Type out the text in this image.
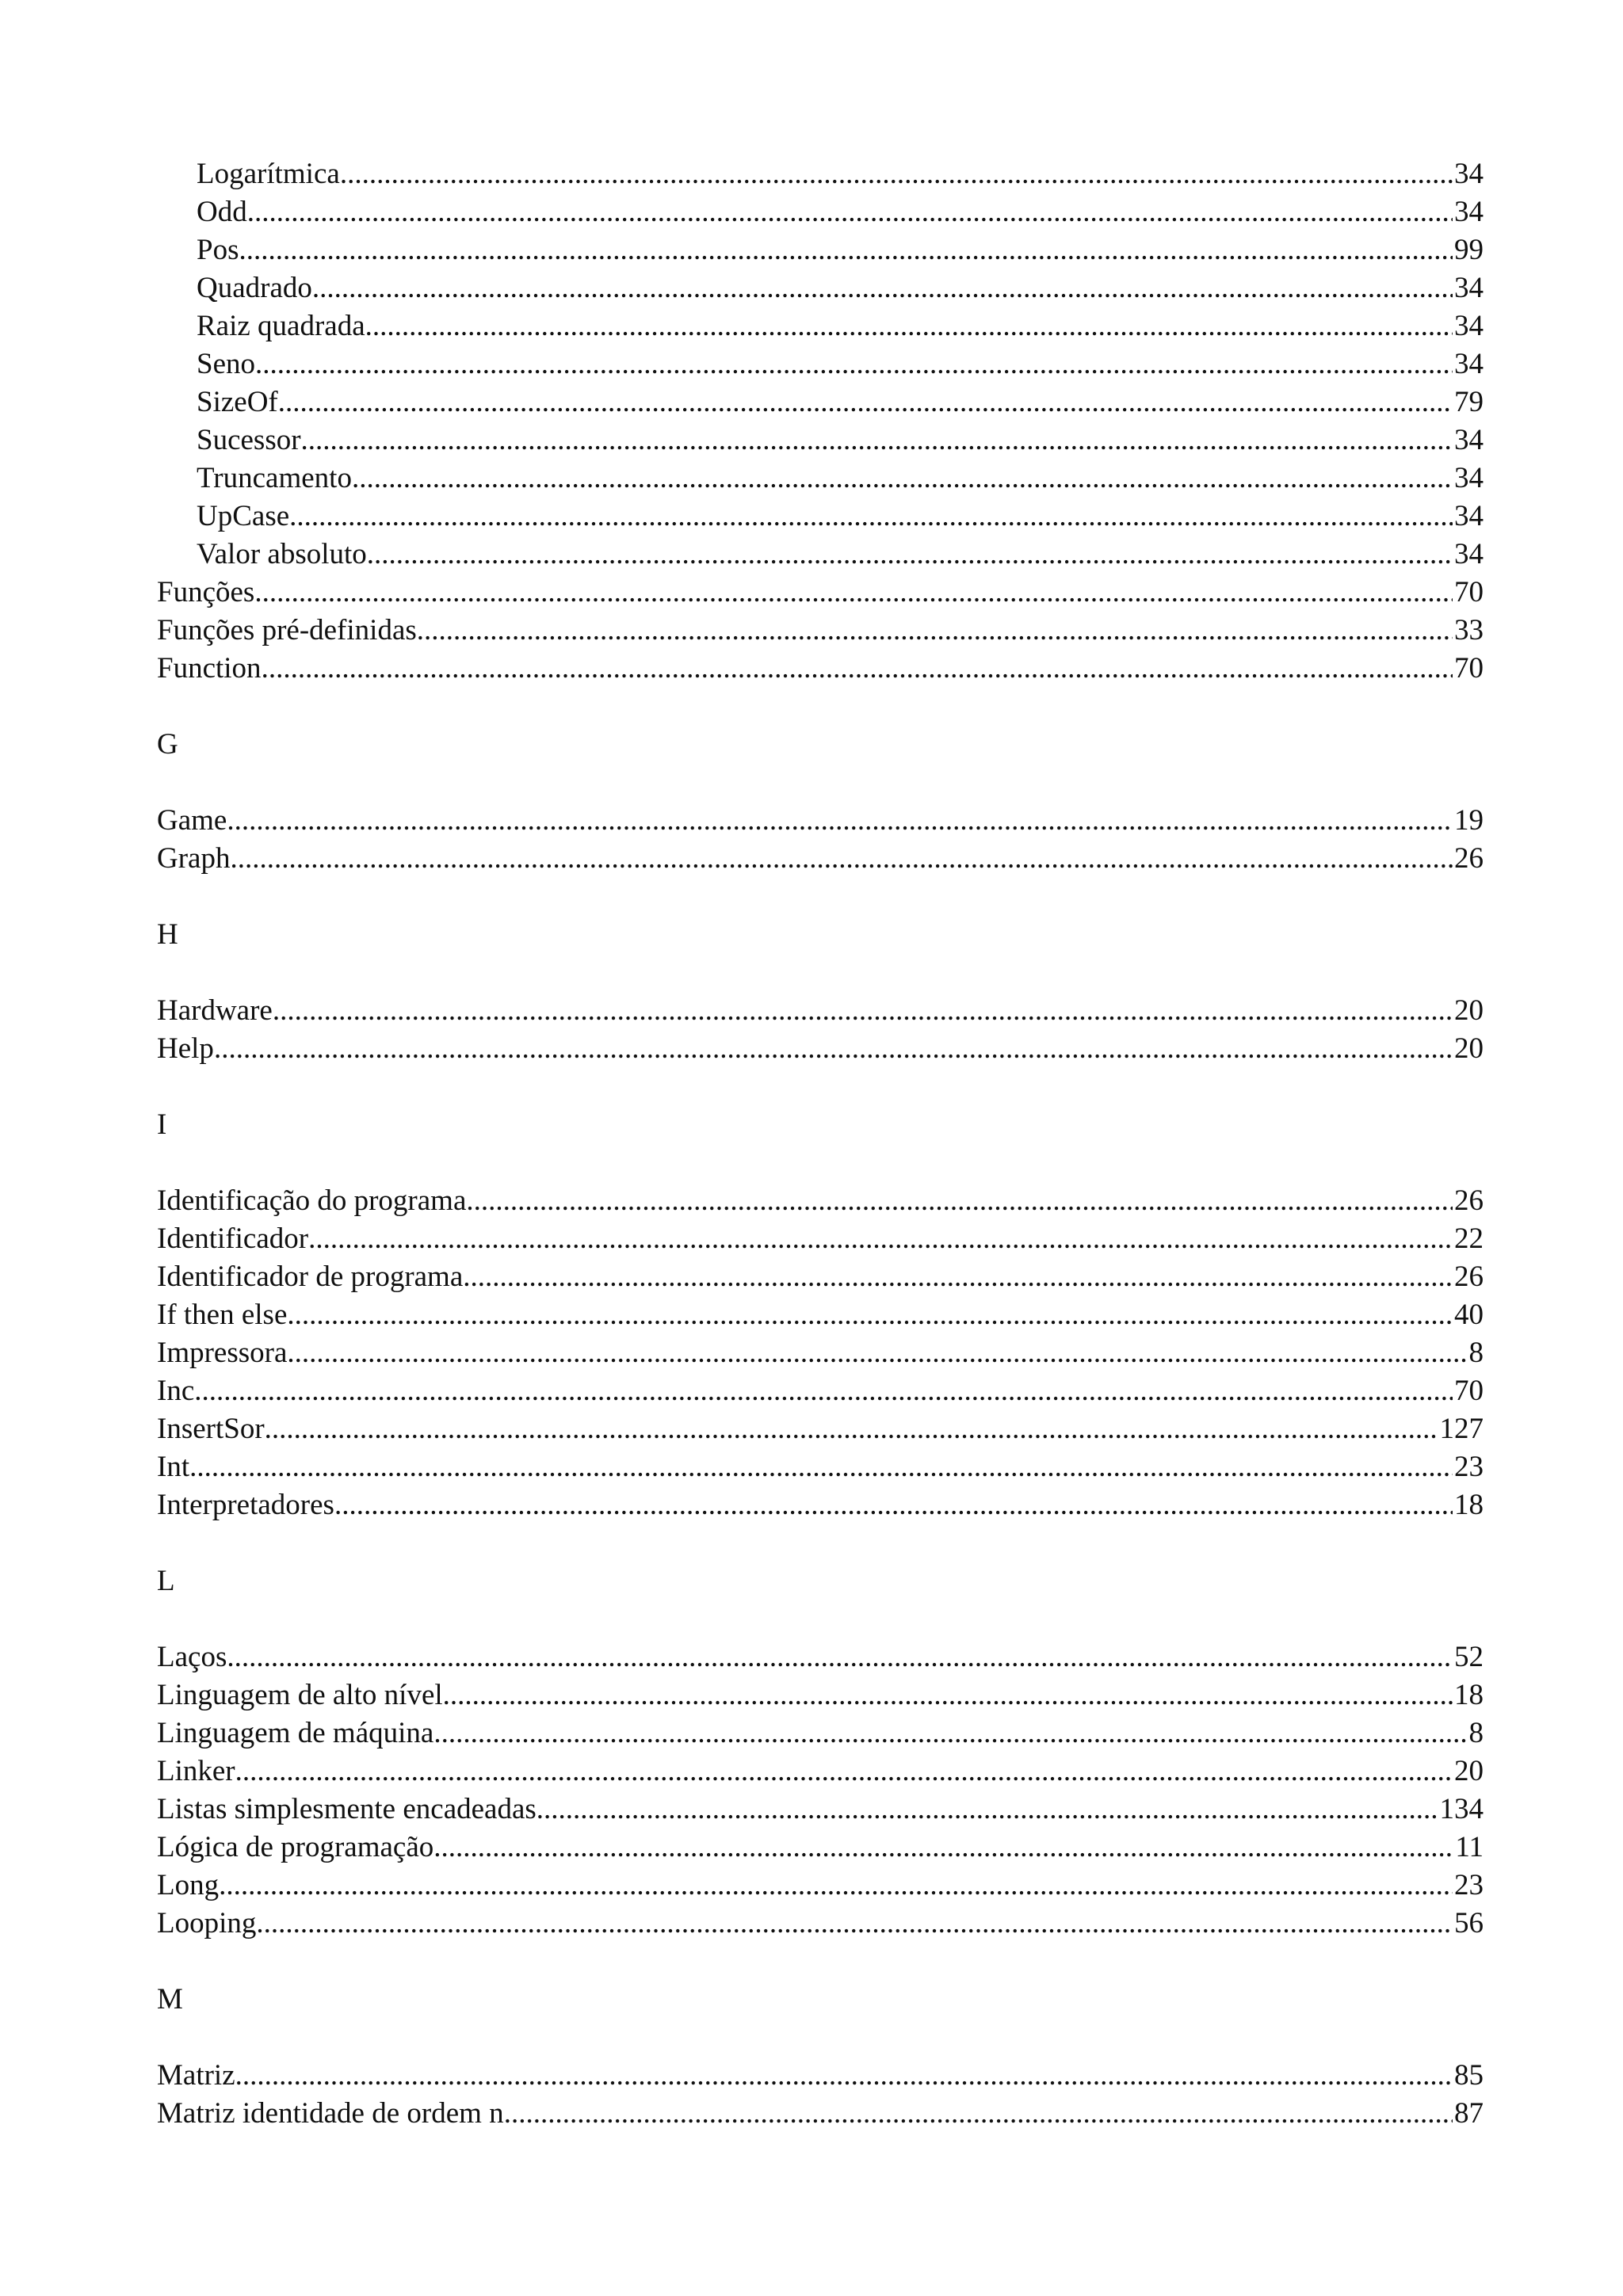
Logarítmica .....	34
Odd .....	34
Pos .....	99
Quadrado .....	34
Raiz quadrada .....	34
Seno .....	34
SizeOf .....	79
Sucessor .....	34
Truncamento .....	34
UpCase .....	34
Valor absoluto .....	34
Funções .....	70
Funções pré-definidas .....	33
Function .....	70
G
Game .....	19
Graph .....	26
H
Hardware .....	20
Help .....	20
I
Identificação do programa .....	26
Identificador .....	22
Identificador de programa .....	26
If then else .....	40
Impressora .....	8
Inc .....	70
InsertSor .....	127
Int .....	23
Interpretadores .....	18
L
Laços .....	52
Linguagem de alto nível .....	18
Linguagem de máquina .....	8
Linker .....	20
Listas simplesmente encadeadas .....	134
Lógica de programação .....	11
Long .....	23
Looping .....	56
M
Matriz .....	85
Matriz identidade de ordem n .....	87
